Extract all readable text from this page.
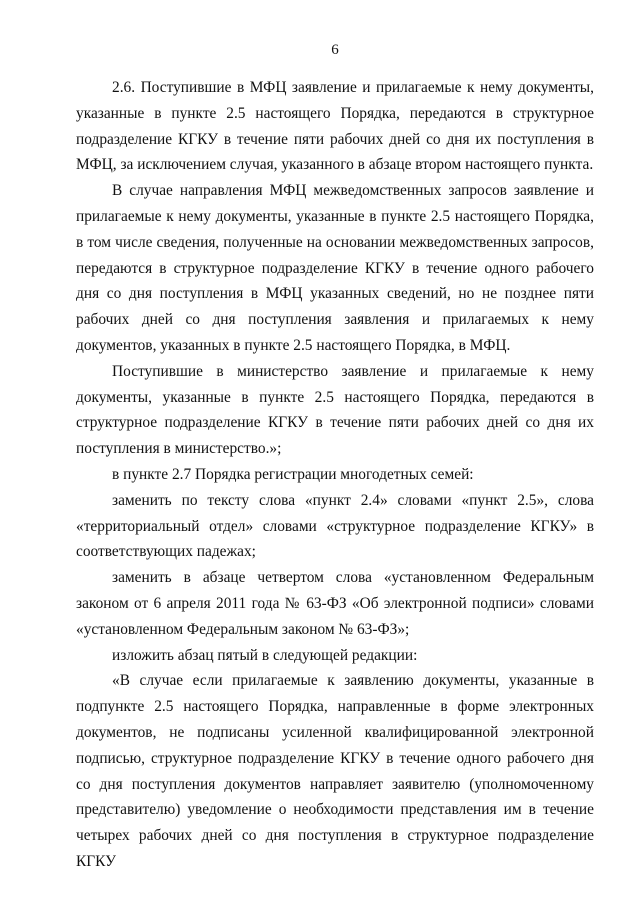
6

2.6. Поступившие в МФЦ заявление и прилагаемые к нему документы, указанные в пункте 2.5 настоящего Порядка, передаются в структурное подразделение КГКУ в течение пяти рабочих дней со дня их поступления в МФЦ, за исключением случая, указанного в абзаце втором настоящего пункта.

В случае направления МФЦ межведомственных запросов заявление и прилагаемые к нему документы, указанные в пункте 2.5 настоящего Порядка, в том числе сведения, полученные на основании межведомственных запросов, передаются в структурное подразделение КГКУ в течение одного рабочего дня со дня поступления в МФЦ указанных сведений, но не позднее пяти рабочих дней со дня поступления заявления и прилагаемых к нему документов, указанных в пункте 2.5 настоящего Порядка, в МФЦ.

Поступившие в министерство заявление и прилагаемые к нему документы, указанные в пункте 2.5 настоящего Порядка, передаются в структурное подразделение КГКУ в течение пяти рабочих дней со дня их поступления в министерство.»;

в пункте 2.7 Порядка регистрации многодетных семей:

заменить по тексту слова «пункт 2.4» словами «пункт 2.5», слова «территориальный отдел» словами «структурное подразделение КГКУ» в соответствующих падежах;

заменить в абзаце четвертом слова «установленном Федеральным законом от 6 апреля 2011 года № 63-ФЗ «Об электронной подписи» словами «установленном Федеральным законом № 63-ФЗ»;

изложить абзац пятый в следующей редакции:

«В случае если прилагаемые к заявлению документы, указанные в подпункте 2.5 настоящего Порядка, направленные в форме электронных документов, не подписаны усиленной квалифицированной электронной подписью, структурное подразделение КГКУ в течение одного рабочего дня со дня поступления документов направляет заявителю (уполномоченному представителю) уведомление о необходимости представления им в течение четырех рабочих дней со дня поступления в структурное подразделение КГКУ
